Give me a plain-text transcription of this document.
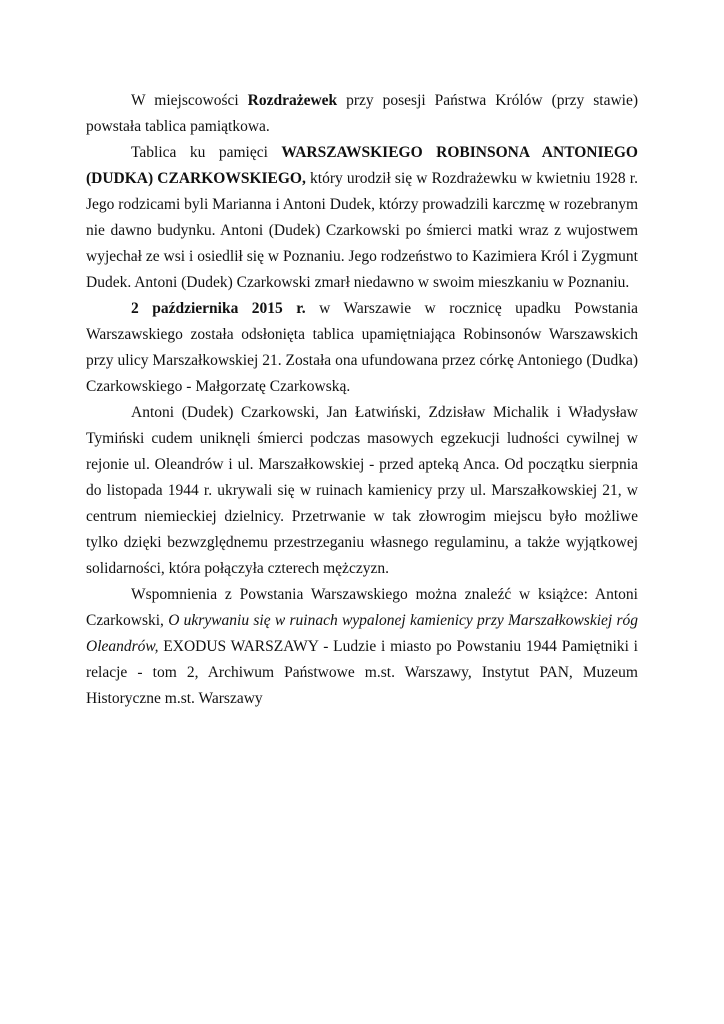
W miejscowości Rozdrażewek przy posesji Państwa Królów (przy stawie) powstała tablica pamiątkowa.

Tablica ku pamięci WARSZAWSKIEGO ROBINSONA ANTONIEGO (DUDKA) CZARKOWSKIEGO, który urodził się w Rozdrażewku w kwietniu 1928 r. Jego rodzicami byli Marianna i Antoni Dudek, którzy prowadzili karczmę w rozebranym nie dawno budynku. Antoni (Dudek) Czarkowski po śmierci matki wraz z wujostwem wyjechał ze wsi i osiedlił się w Poznaniu. Jego rodzeństwo to Kazimiera Król i Zygmunt Dudek. Antoni (Dudek) Czarkowski zmarł niedawno w swoim mieszkaniu w Poznaniu.

2 października 2015 r. w Warszawie w rocznicę upadku Powstania Warszawskiego została odsłonięta tablica upamiętniająca Robinsonów Warszawskich przy ulicy Marszałkowskiej 21. Została ona ufundowana przez córkę Antoniego (Dudka) Czarkowskiego - Małgorzatę Czarkowską.

Antoni (Dudek) Czarkowski, Jan Łatwiński, Zdzisław Michalik i Władysław Tymiński cudem uniknęli śmierci podczas masowych egzekucji ludności cywilnej w rejonie ul. Oleandrów i ul. Marszałkowskiej - przed apteką Anca. Od początku sierpnia do listopada 1944 r. ukrywali się w ruinach kamienicy przy ul. Marszałkowskiej 21, w centrum niemieckiej dzielnicy. Przetrwanie w tak złowrogim miejscu było możliwe tylko dzięki bezwzględnemu przestrzeganiu własnego regulaminu, a także wyjątkowej solidarności, która połączyła czterech mężczyzn.

Wspomnienia z Powstania Warszawskiego można znaleźć w książce: Antoni Czarkowski, O ukrywaniu się w ruinach wypalonej kamienicy przy Marszałkowskiej róg Oleandrów, EXODUS WARSZAWY - Ludzie i miasto po Powstaniu 1944 Pamiętniki i relacje - tom 2, Archiwum Państwowe m.st. Warszawy, Instytut PAN, Muzeum Historyczne m.st. Warszawy
